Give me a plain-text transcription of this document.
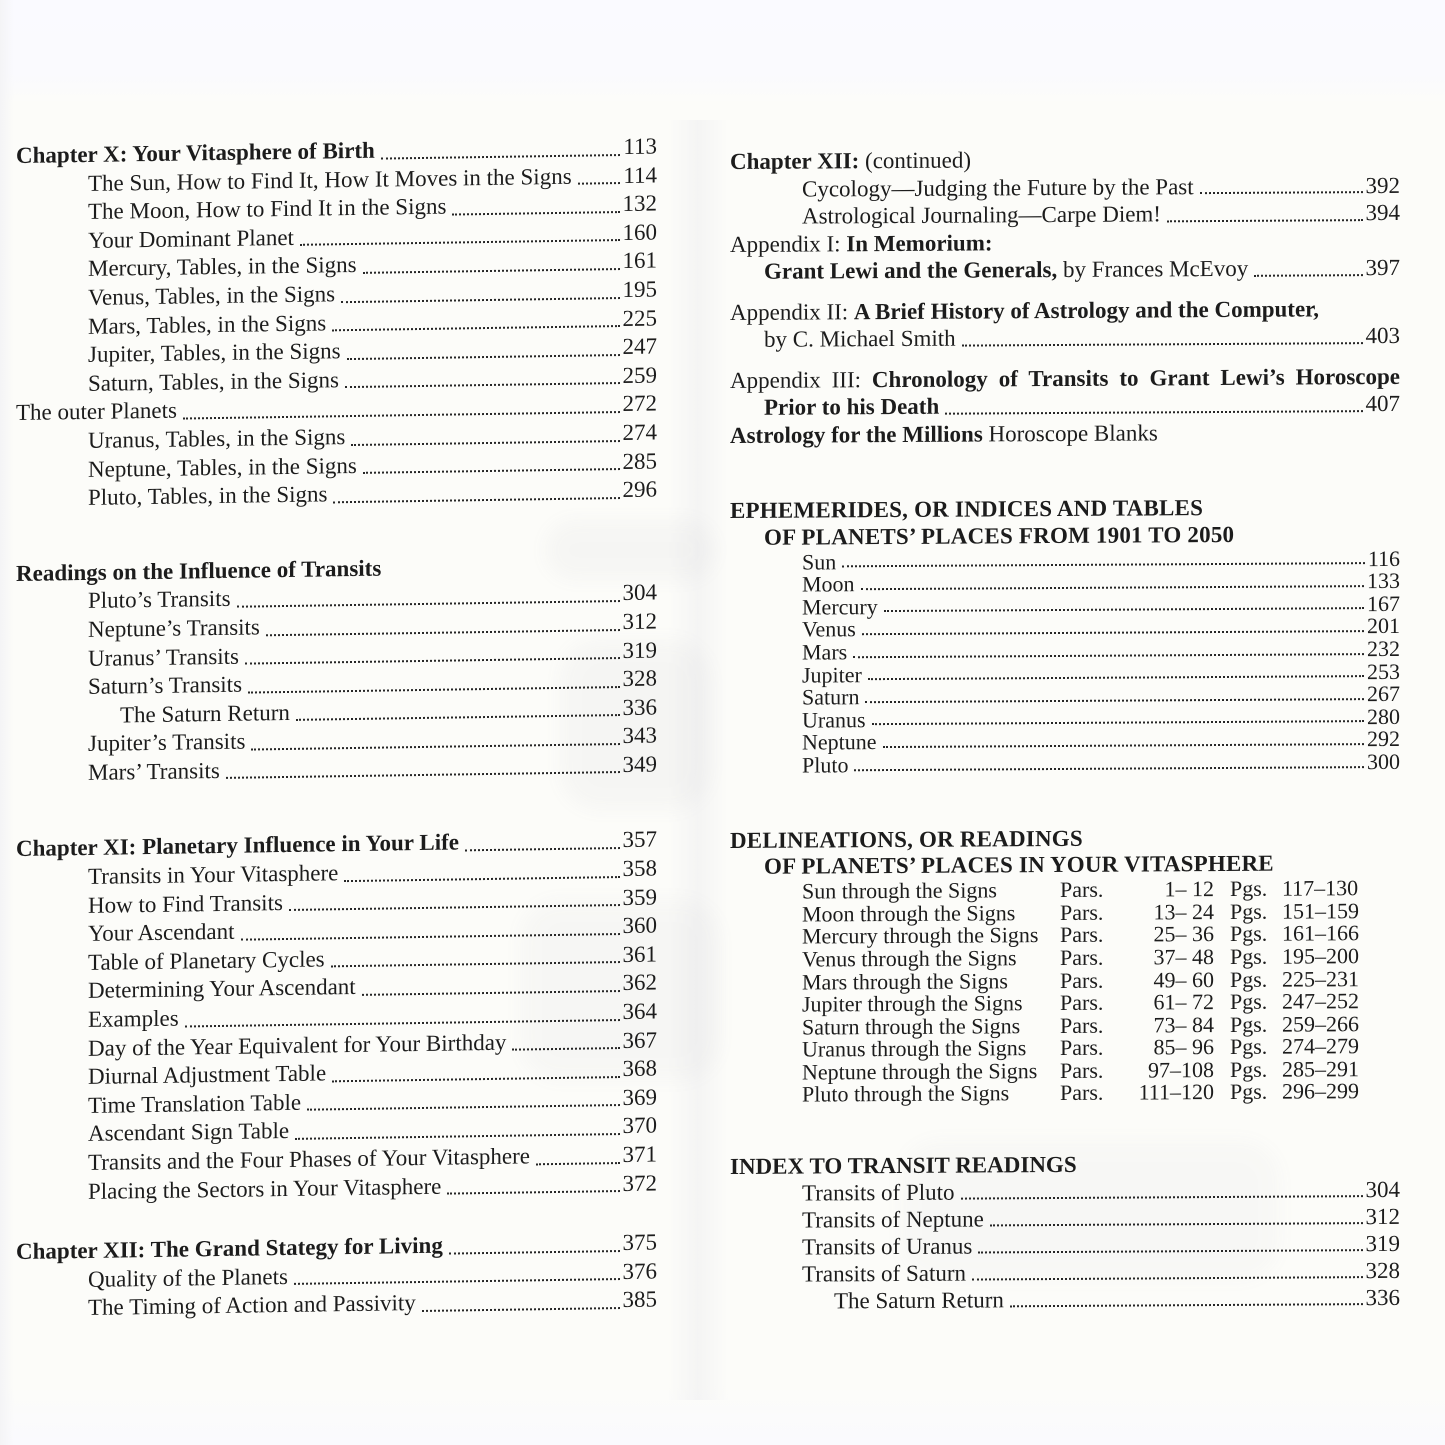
Chapter X: Your Vitasphere of Birth	113
The Sun, How to Find It, How It Moves in the Signs 114
The Moon, How to Find It in the Signs	132
Your Dominant Planet	160
Mercury, Tables, in the Signs	161
Venus, Tables, in the Signs	195
Mars, Tables, in the Signs	225
Jupiter, Tables, in the Signs	247
Saturn, Tables, in the Signs	259
The outer Planets	272
Uranus, Tables, in the Signs	274
Neptune, Tables, in the Signs	285
Pluto, Tables, in the Signs	296
Readings on the Influence of Transits
Pluto’s Transits	304
Neptune’s Transits	312
Uranus’ Transits	319
Saturn’s Transits	328
The Saturn Return	336
Jupiter’s Transits	343
Mars’ Transits	349
Chapter XI: Planetary Influence in Your Life	357
Transits in Your Vitasphere	358
How to Find Transits	359
Your Ascendant	360
Table of Planetary Cycles	361
Determining Your Ascendant	362
Examples	364
Day of the Year Equivalent for Your Birthday	367
Diurnal Adjustment Table	368
Time Translation Table	369
Ascendant Sign Table	370
Transits and the Four Phases of Your Vitasphere	371
Placing the Sectors in Your Vitasphere	372
Chapter XII: The Grand Stategy for Living	375
Quality of the Planets	376
The Timing of Action and Passivity	385
Chapter XII: (continued)
Cycology—Judging the Future by the Past	392
Astrological Journaling—Carpe Diem!	394
Appendix I: In Memorium:
Grant Lewi and the Generals, by Frances McEvoy	397
Appendix II: A Brief History of Astrology and the Computer,
by C. Michael Smith	403
Appendix III: Chronology of Transits to Grant Lewi’s Horoscope
Prior to his Death	407
Astrology for the Millions Horoscope Blanks
EPHEMERIDES, OR INDICES AND TABLES
OF PLANETS’ PLACES FROM 1901 TO 2050
Sun	116
Moon	133
Mercury	167
Venus	201
Mars	232
Jupiter	253
Saturn	267
Uranus	280
Neptune	292
Pluto	300
DELINEATIONS, OR READINGS
OF PLANETS’ PLACES IN YOUR VITASPHERE
Sun through the Signs	Pars.	1– 12 Pgs. 117–130
Moon through the Signs	Pars.	13– 24 Pgs. 151–159
Mercury through the Signs Pars.	25– 36 Pgs. 161–166
Venus through the Signs	Pars.	37– 48 Pgs. 195–200
Mars through the Signs	Pars.	49– 60 Pgs. 225–231
Jupiter through the Signs	Pars.	61– 72 Pgs. 247–252
Saturn through the Signs	Pars.	73– 84 Pgs. 259–266
Uranus through the Signs	Pars.	85– 96 Pgs. 274–279
Neptune through the Signs	Pars.	97–108 Pgs. 285–291
Pluto through the Signs	Pars.	111–120 Pgs. 296–299
INDEX TO TRANSIT READINGS
Transits of Pluto	304
Transits of Neptune	312
Transits of Uranus	319
Transits of Saturn	328
The Saturn Return	336
